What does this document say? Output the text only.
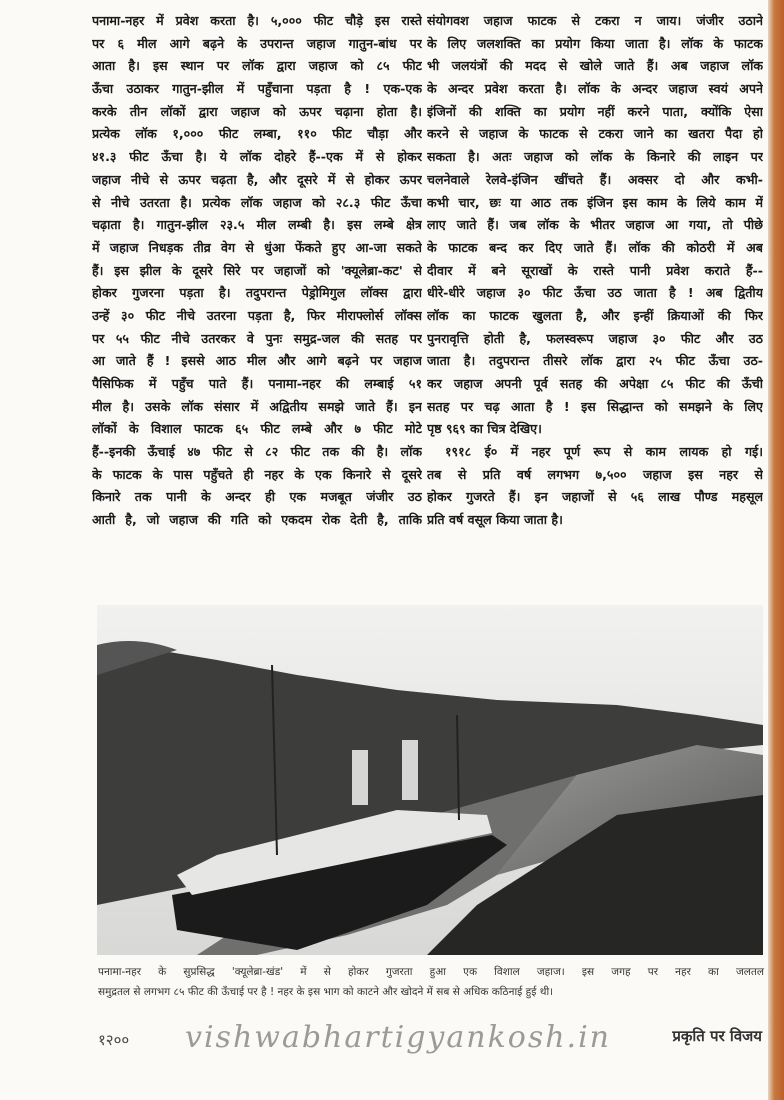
पनामा-नहर में प्रवेश करता है। ५,००० फीट चौड़े इस रास्ते
पर ६ मील आगे बढ़ने के उपरान्त जहाज गातुन-बांध पर
आता है। इस स्थान पर लॉक द्वारा जहाज को ८५ फीट
ऊँचा उठाकर गातुन-झील में पहुँचाना पड़ता है ! एक-एक
करके तीन लॉकों द्वारा जहाज को ऊपर चढ़ाना होता है।
प्रत्येक लॉक १,००० फीट लम्बा, ११० फीट चौड़ा और
४१.३ फीट ऊँचा है। ये लॉक दोहरे हैं--एक में से होकर
जहाज नीचे से ऊपर चढ़ता है, और दूसरे में से होकर ऊपर
से नीचे उतरता है। प्रत्येक लॉक जहाज को २८.३ फीट ऊँचा
चढ़ाता है। गातुन-झील २३.५ मील लम्बी है। इस लम्बे क्षेत्र
में जहाज निधड़क तीव्र वेग से धुंआ फेंकते हुए आ-जा सकते
हैं। इस झील के दूसरे सिरे पर जहाजों को 'क्यूलेब्रा-कट' से
होकर गुजरना पड़ता है। तदुपरान्त पेड्रोमिगुल लॉक्स द्वारा
उन्हें ३० फीट नीचे उतरना पड़ता है, फिर मीराफ्लोर्स लॉक्स
पर ५५ फीट नीचे उतरकर वे पुनः समुद्र-जल की सतह पर
आ जाते हैं ! इससे आठ मील और आगे बढ़ने पर जहाज
पैसिफिक में पहुँच पाते हैं। पनामा-नहर की लम्बाई ५१
मील है। उसके लॉक संसार में अद्वितीय समझे जाते हैं। इन
लॉकों के विशाल फाटक ६५ फीट लम्बे और ७ फीट मोटे
हैं--इनकी ऊँचाई ४७ फीट से ८२ फीट तक की है। लॉक
के फाटक के पास पहुँचते ही नहर के एक किनारे से दूसरे
किनारे तक पानी के अन्दर ही एक मजबूत जंजीर उठ
आती है, जो जहाज की गति को एकदम रोक देती है, ताकि
संयोगवश जहाज फाटक से टकरा न जाय। जंजीर उठाने
के लिए जलशक्ति का प्रयोग किया जाता है। लॉक के फाटक
भी जलयंत्रों की मदद से खोले जाते हैं। अब जहाज लॉक
के अन्दर प्रवेश करता है। लॉक के अन्दर जहाज स्वयं अपने
इंजिनों की शक्ति का प्रयोग नहीं करने पाता, क्योंकि ऐसा
करने से जहाज के फाटक से टकरा जाने का खतरा पैदा हो
सकता है। अतः जहाज को लॉक के किनारे की लाइन पर
चलनेवाले रेलवे-इंजिन खींचते हैं। अक्सर दो और कभी-
कभी चार, छः या आठ तक इंजिन इस काम के लिये काम में
लाए जाते हैं। जब लॉक के भीतर जहाज आ गया, तो पीछे
के फाटक बन्द कर दिए जाते हैं। लॉक की कोठरी में अब
दीवार में बने सूराखों के रास्ते पानी प्रवेश कराते हैं--
धीरे-धीरे जहाज ३० फीट ऊँचा उठ जाता है ! अब द्वितीय
लॉक का फाटक खुलता है, और इन्हीं क्रियाओं की फिर
पुनरावृत्ति होती है, फलस्वरूप जहाज ३० फीट और उठ
जाता है। तदुपरान्त तीसरे लॉक द्वारा २५ फीट ऊँचा उठ-
कर जहाज अपनी पूर्व सतह की अपेक्षा ८५ फीट की ऊँची
सतह पर चढ़ आता है ! इस सिद्धान्त को समझने के लिए
पृष्ठ ९६९ का चित्र देखिए।
१९१८ ई० में नहर पूर्ण रूप से काम लायक हो गई।
तब से प्रति वर्ष लगभग ७,५०० जहाज इस नहर से
होकर गुजरते हैं। इन जहाजों से ५६ लाख पौण्ड महसूल
प्रति वर्ष वसूल किया जाता है।
पनामा-नहर के सुप्रसिद्ध 'क्यूलेब्रा-खंड' में से होकर गुजरता हुआ एक विशाल जहाज। इस जगह पर नहर का जलतल
समुद्रतल से लगभग ८५ फीट की ऊँचाई पर है ! नहर के इस भाग को काटने और खोदने में सब से अधिक कठिनाई हुई थी।
१२०० vishwabhartigyankosh.in	प्रकृति पर विजय
